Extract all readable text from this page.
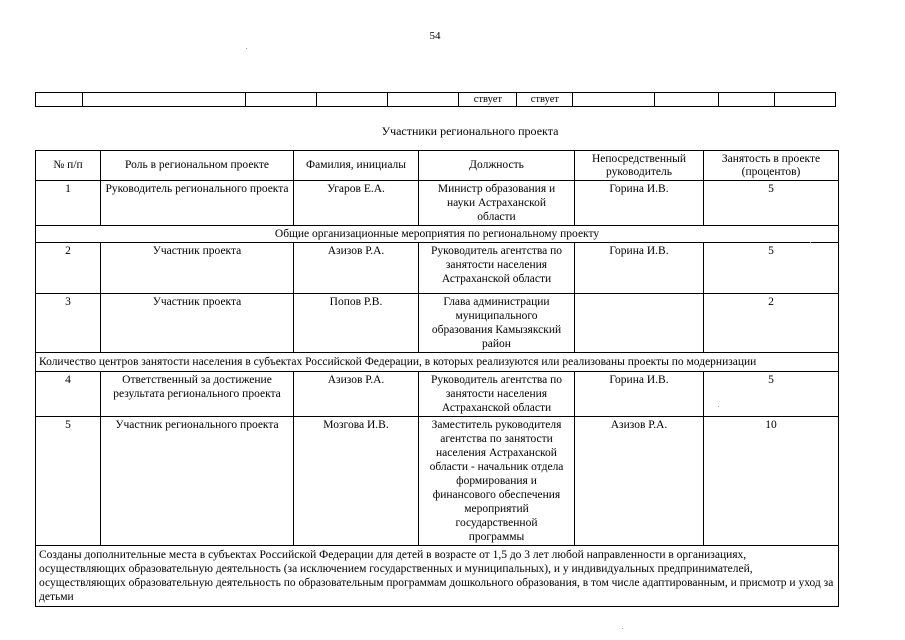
54
					ствует	ствует				
Участники регионального проекта
№ п/п	Роль в региональном проекте	Фамилия, инициалы	Должность	Непосредственный руководитель	Занятость в проекте (процентов)
1	Руководитель регионального проекта	Угаров Е.А.	Министр образования и науки Астраханской области	Горина И.В.	5
Общие организационные мероприятия по региональному проекту					
2	Участник проекта	Азизов Р.А.	Руководитель агентства по занятости населения Астраханской области	Горина И.В.	5
3	Участник проекта	Попов Р.В.	Глава администрации муниципального образования Камызякский район		2
Количество центров занятости населения в субъектах Российской Федерации, в которых реализуются или реализованы проекты по модернизации					
4	Ответственный за достижение результата регионального проекта	Азизов Р.А.	Руководитель агентства по занятости населения Астраханской области	Горина И.В.	5
5	Участник регионального проекта	Мозгова И.В.	Заместитель руководителя агентства по занятости населения Астраханской области - начальник отдела формирования и финансового обеспечения мероприятий государственной программы	Азизов Р.А.	10
Созданы дополнительные места в субъектах Российской Федерации для детей в возрасте от 1,5 до 3 лет любой направленности в организациях, осуществляющих образовательную деятельность (за исключением государственных и муниципальных), и у индивидуальных предпринимателей, осуществляющих образовательную деятельность по образовательным программам дошкольного образования, в том числе адаптированным, и присмотр и уход за детьми					
